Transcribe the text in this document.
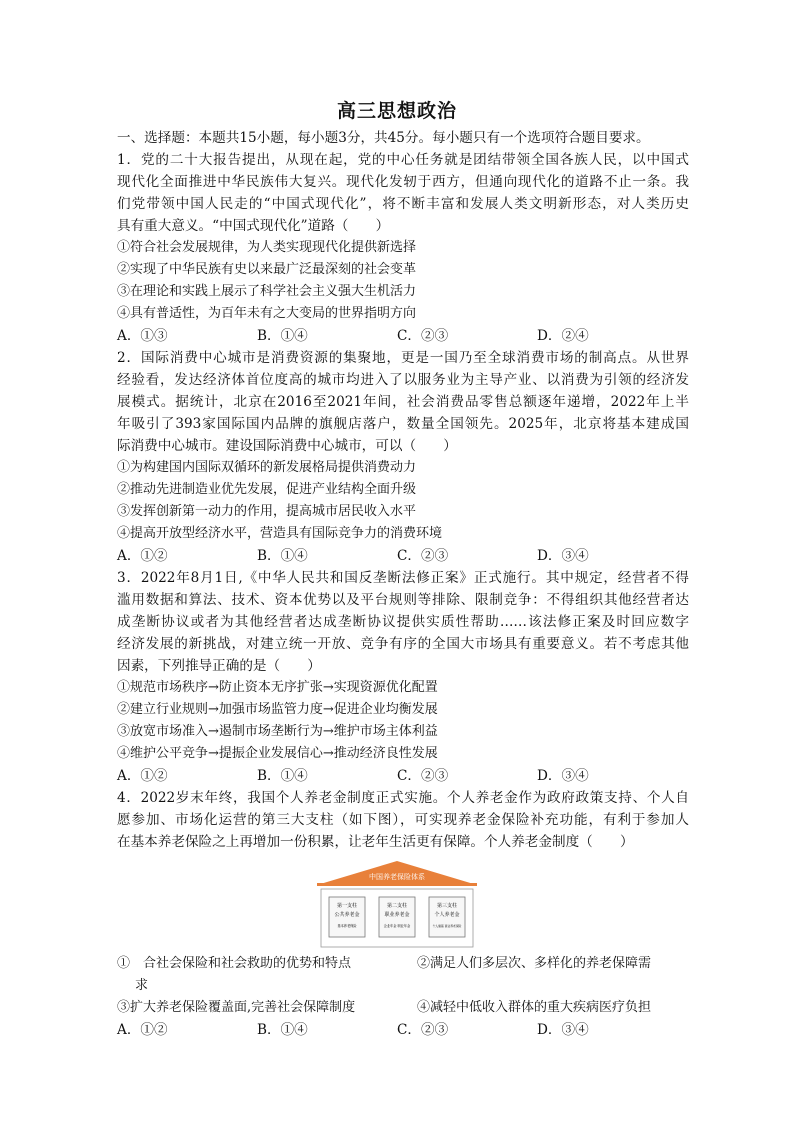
高三思想政治
一、选择题：本题共15小题，每小题3分，共45分。每小题只有一个选项符合题目要求。
1．党的二十大报告提出，从现在起，党的中心任务就是团结带领全国各族人民，以中国式
现代化全面推进中华民族伟大复兴。现代化发轫于西方，但通向现代化的道路不止一条。我
们党带领中国人民走的“中国式现代化”，将不断丰富和发展人类文明新形态，对人类历史
具有重大意义。“中国式现代化”道路（　　）
①符合社会发展规律，为人类实现现代化提供新选择
②实现了中华民族有史以来最广泛最深刻的社会变革
③在理论和实践上展示了科学社会主义强大生机活力
④具有普适性，为百年未有之大变局的世界指明方向
A．①③	B．①④	C．②③	D．②④
2．国际消费中心城市是消费资源的集聚地，更是一国乃至全球消费市场的制高点。从世界
经验看，发达经济体首位度高的城市均进入了以服务业为主导产业、以消费为引领的经济发
展模式。据统计，北京在2016至2021年间，社会消费品零售总额逐年递增，2022年上半
年吸引了393家国际国内品牌的旗舰店落户，数量全国领先。2025年，北京将基本建成国
际消费中心城市。建设国际消费中心城市，可以（　　）
①为构建国内国际双循环的新发展格局提供消费动力
②推动先进制造业优先发展，促进产业结构全面升级
③发挥创新第一动力的作用，提高城市居民收入水平
④提高开放型经济水平，营造具有国际竞争力的消费环境
A．①②	B．①④	C．②③	D．③④
3．2022年8月1日,《中华人民共和国反垄断法修正案》正式施行。其中规定，经营者不得
滥用数据和算法、技术、资本优势以及平台规则等排除、限制竞争：不得组织其他经营者达
成垄断协议或者为其他经营者达成垄断协议提供实质性帮助……该法修正案及时回应数字
经济发展的新挑战，对建立统一开放、竞争有序的全国大市场具有重要意义。若不考虑其他
因素，下列推导正确的是（　　）
①规范市场秩序→防止资本无序扩张→实现资源优化配置
②建立行业规则→加强市场监管力度→促进企业均衡发展
③放宽市场准入→遏制市场垄断行为→维护市场主体利益
④维护公平竞争→提振企业发展信心→推动经济良性发展
A．①②	B．①④	C．②③	D．③④
4．2022岁末年终，我国个人养老金制度正式实施。个人养老金作为政府政策支持、个人自
愿参加、市场化运营的第三大支柱（如下图），可实现养老金保险补充功能，有利于参加人
在基本养老保险之上再增加一份积累，让老年生活更有保障。个人养老金制度（　　）
中国养老保险体系
第一支柱
公共养老金
基本养老保险
第二支柱
职业养老金
企业年金 职业年金
第三支柱
个人养老金
个人储蓄 商业养老保险
①　合社会保险和社会救助的优势和特点	②满足人们多层次、多样化的养老保障需
求
③扩大养老保险覆盖面,完善社会保障制度	④减轻中低收入群体的重大疾病医疗负担
A．①②	B．①④	C．②③	D．③④
